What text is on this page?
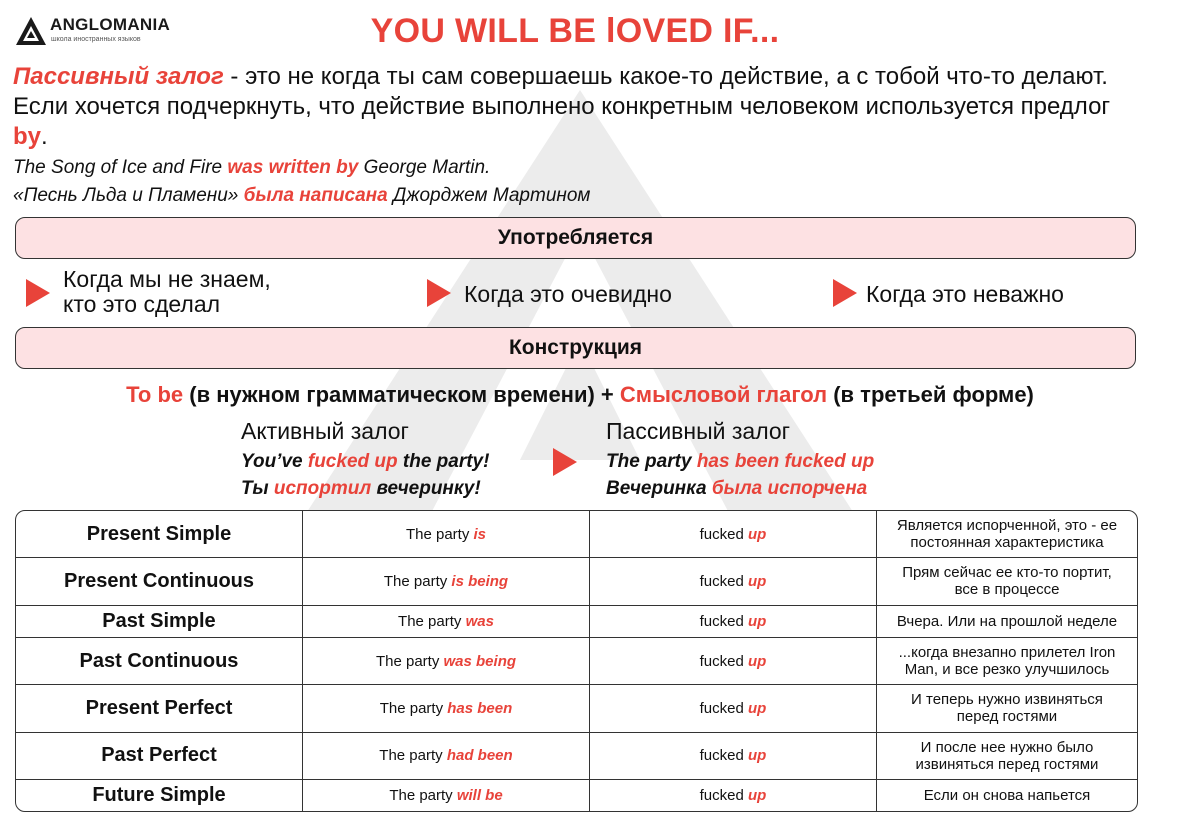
ANGLOMANIA
школа иностранных языков	YOU WILL BE lOVED IF...
Пассивный залог - это не когда ты сам совершаешь какое-то действие, а с тобой что-то делают. Если хочется подчеркнуть, что действие выполнено конкретным человеком используется предлог by.
The Song of Ice and Fire was written by George Martin.
«Песнь Льда и Пламени» была написана Джорджем Мартином
Употребляется
Когда мы не знаем,
кто это сделал	Когда это очевидно	Когда это неважно
Конструкция
To be (в нужном грамматическом времени) + Смысловой глагол (в третьей форме)
Активный залог
You’ve fucked up the party!
Ты испортил вечеринку!
Пассивный залог
The party has been fucked up
Вечеринка была испорчена
Present Simple	The party is	fucked up	Является испорченной, это - ее
постоянная характеристика

Present Continuous	The party is being	fucked up	Прям сейчас ее кто-то портит,
все в процессе

Past Simple	The party was	fucked up	Вчера. Или на прошлой неделе

Past Continuous	The party was being	fucked up	...когда внезапно прилетел Iron
Man, и все резко улучшилось

Present Perfect	The party has been	fucked up	И теперь нужно извиняться
перед гостями

Past Perfect	The party had been	fucked up	И после нее нужно было
извиняться перед гостями

Future Simple	The party will be	fucked up	Если он снова напьется
